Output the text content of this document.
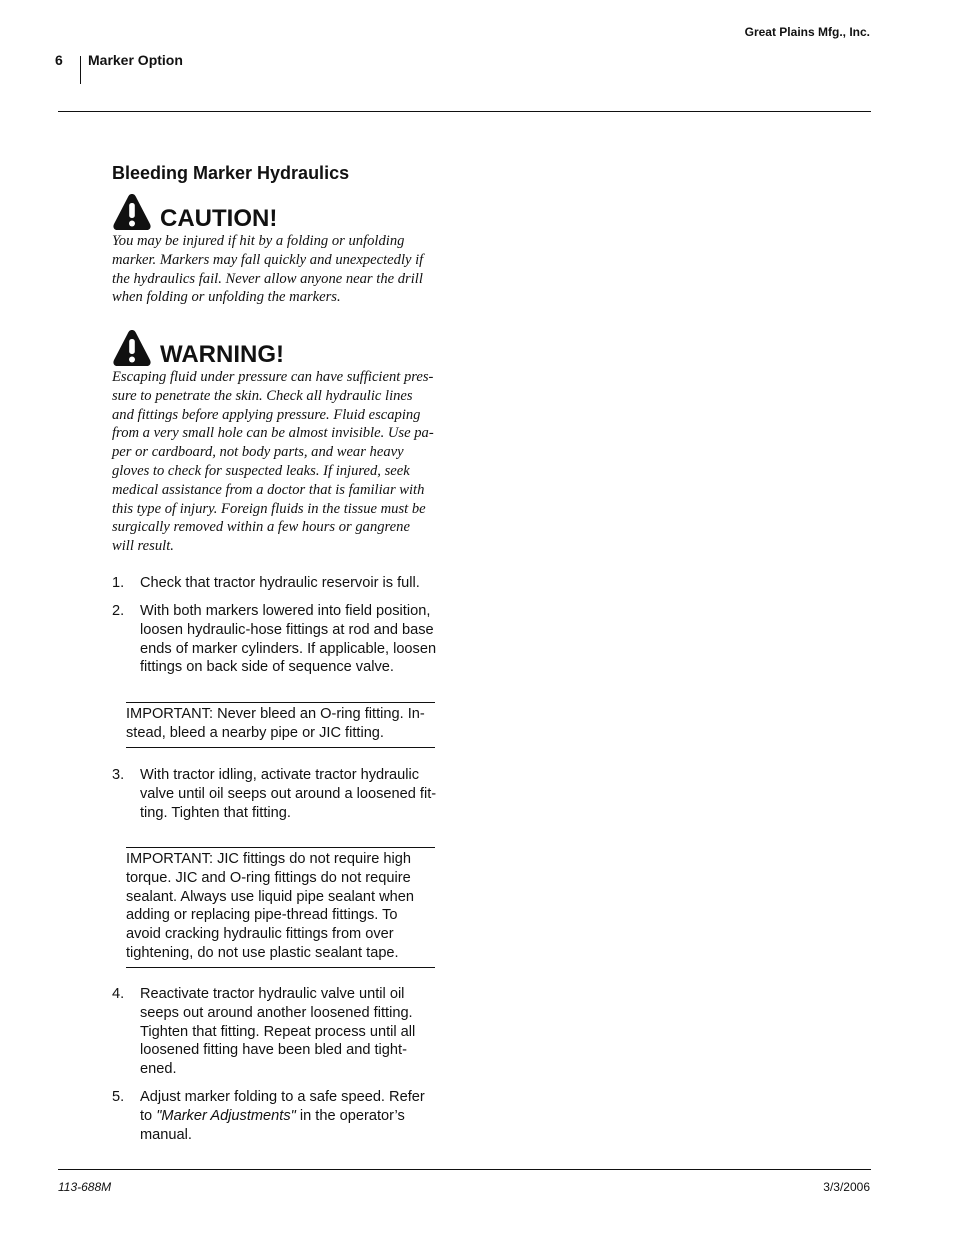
Great Plains Mfg., Inc.
6 Marker Option
Bleeding Marker Hydraulics
CAUTION!
You may be injured if hit by a folding or unfolding
marker. Markers may fall quickly and unexpectedly if
the hydraulics fail. Never allow anyone near the drill
when folding or unfolding the markers.
WARNING!
Escaping fluid under pressure can have sufficient pres-
sure to penetrate the skin. Check all hydraulic lines
and fittings before applying pressure. Fluid escaping
from a very small hole can be almost invisible. Use pa-
per or cardboard, not body parts, and wear heavy
gloves to check for suspected leaks. If injured, seek
medical assistance from a doctor that is familiar with
this type of injury. Foreign fluids in the tissue must be
surgically removed within a few hours or gangrene
will result.
1. Check that tractor hydraulic reservoir is full.
2. With both markers lowered into field position,
loosen hydraulic-hose fittings at rod and base
ends of marker cylinders. If applicable, loosen
fittings on back side of sequence valve.
IMPORTANT: Never bleed an O-ring fitting. In-
stead, bleed a nearby pipe or JIC fitting.
3. With tractor idling, activate tractor hydraulic
valve until oil seeps out around a loosened fit-
ting. Tighten that fitting.
IMPORTANT: JIC fittings do not require high
torque. JIC and O-ring fittings do not require
sealant. Always use liquid pipe sealant when
adding or replacing pipe-thread fittings. To
avoid cracking hydraulic fittings from over
tightening, do not use plastic sealant tape.
4. Reactivate tractor hydraulic valve until oil
seeps out around another loosened fitting.
Tighten that fitting. Repeat process until all
loosened fitting have been bled and tight-
ened.
5. Adjust marker folding to a safe speed. Refer
to "Marker Adjustments" in the operator’s
manual.
113-688M	3/3/2006
